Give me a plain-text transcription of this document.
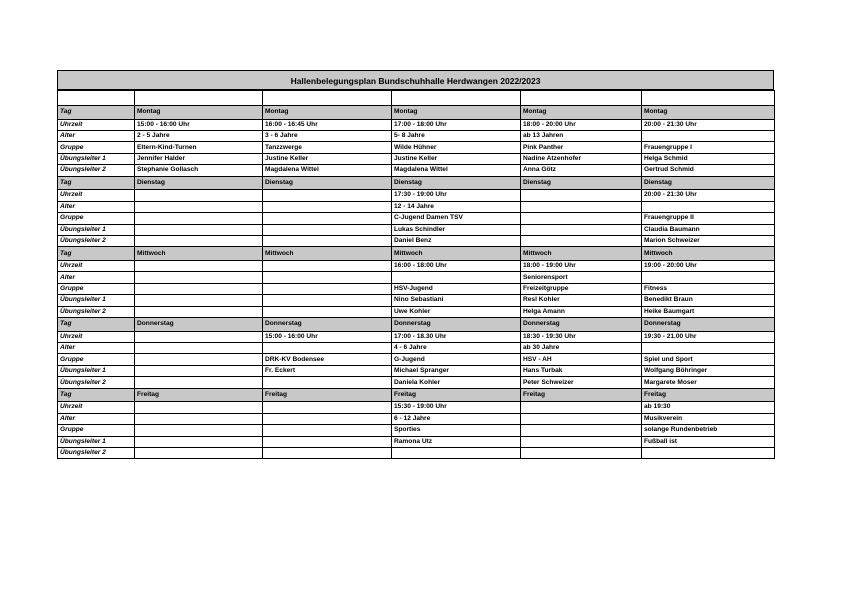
Hallenbelegungsplan Bundschuhhalle Herdwangen 2022/2023

Tag	Montag	Montag	Montag	Montag	Montag
Uhrzeit	15:00 - 16:00 Uhr	16:00 - 16:45 Uhr	17:00 - 18:00 Uhr	18:00 - 20:00 Uhr	20:00 - 21:30 Uhr
Alter	2 - 5 Jahre	3 - 6 Jahre	5- 8 Jahre	ab 13 Jahren	
Gruppe	Eltern-Kind-Turnen	Tanzzwerge	Wilde Hühner	Pink Panther	Frauengruppe I
Übungsleiter 1	Jennifer Halder	Justine Keller	Justine Keller	Nadine Atzenhofer	Helga Schmid
Übungsleiter 2	Stephanie Gollasch	Magdalena Wittel	Magdalena Wittel	Anna Götz	Gertrud Schmid
Tag	Dienstag	Dienstag	Dienstag	Dienstag	Dienstag
Uhrzeit			17:30 - 19:00 Uhr		20:00 - 21:30 Uhr
Alter			12 - 14 Jahre		
Gruppe			C-Jugend Damen TSV		Frauengruppe II
Übungsleiter 1			Lukas Schindler		Claudia Baumann
Übungsleiter 2			Daniel Benz		Marion Schweizer
Tag	Mittwoch	Mittwoch	Mittwoch	Mittwoch	Mittwoch
Uhrzeit			16:00 - 18:00 Uhr	18:00 - 19:00 Uhr	19:00 - 20:00 Uhr
Alter				Seniorensport	
Gruppe			HSV-Jugend	Freizeitgruppe	Fitness
Übungsleiter 1			Nino Sebastiani	Resl Kohler	Benedikt Braun
Übungsleiter 2			Uwe Kohler	Helga Amann	Heike Baumgart
Tag	Donnerstag	Donnerstag	Donnerstag	Donnerstag	Donnerstag
Uhrzeit		15:00 - 16:00 Uhr	17:00 - 18.30 Uhr	18:30 - 19:30 Uhr	19:30 - 21.00 Uhr
Alter			4 - 6 Jahre	ab 30 Jahre	
Gruppe		DRK-KV Bodensee	G-Jugend	HSV - AH	Spiel und Sport
Übungsleiter 1		Fr. Eckert	Michael Spranger	Hans Turbak	Wolfgang Böhringer
Übungsleiter 2			Daniela Kohler	Peter Schweizer	Margarete Moser
Tag	Freitag	Freitag	Freitag	Freitag	Freitag
Uhrzeit			15:30 - 19:00 Uhr		ab 19:30
Alter			6 - 12 Jahre		Musikverein
Gruppe			Sporties		solange Rundenbetrieb
Übungsleiter 1			Ramona Utz		Fußball ist
Übungsleiter 2					
